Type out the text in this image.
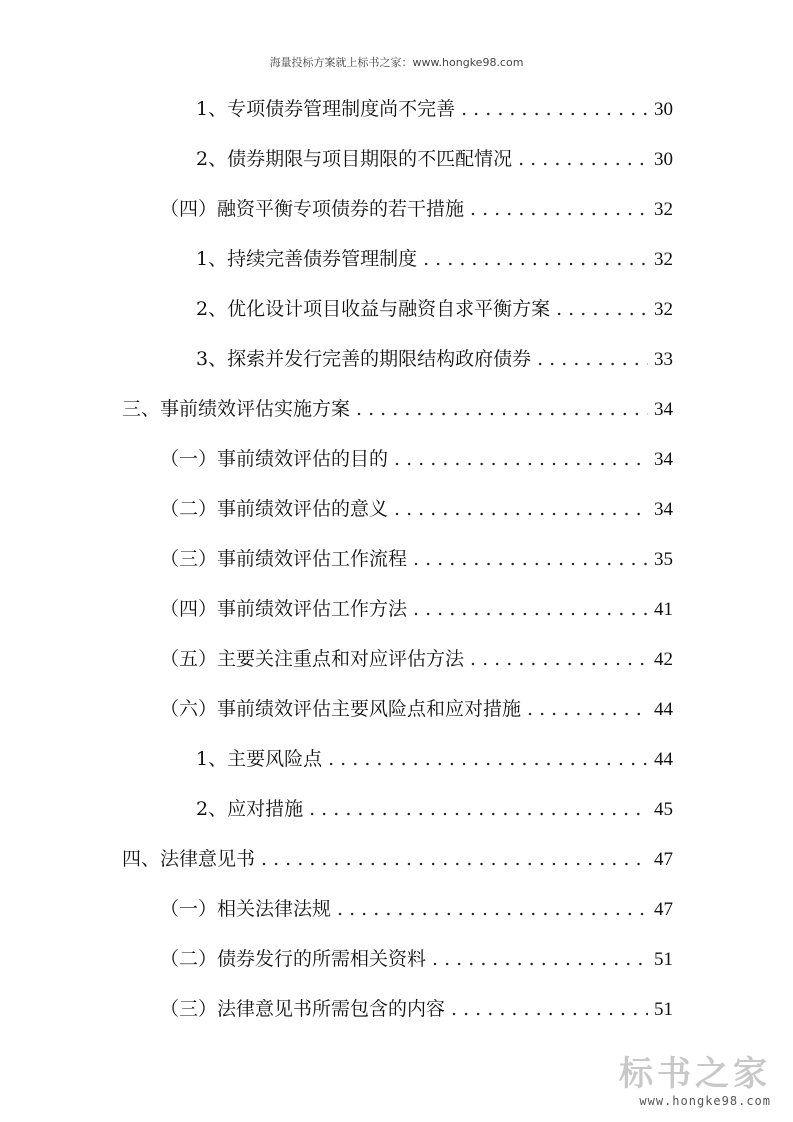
海量投标方案就上标书之家：www.hongke98.com
1、专项债券管理制度尚不完善 . . .	30
2、债券期限与项目期限的不匹配情况 . . .	30
（四）融资平衡专项债券的若干措施 . . .	32
1、持续完善债券管理制度 . . .	32
2、优化设计项目收益与融资自求平衡方案 . . .	32
3、探索并发行完善的期限结构政府债券 . . .	33
三、事前绩效评估实施方案 . . .	34
（一）事前绩效评估的目的 . . .	34
（二）事前绩效评估的意义 . . .	34
（三）事前绩效评估工作流程 . . .	35
（四）事前绩效评估工作方法 . . .	41
（五）主要关注重点和对应评估方法 . . .	42
（六）事前绩效评估主要风险点和应对措施 . . .	44
1、主要风险点 . . .	44
2、应对措施 . . .	45
四、法律意见书 . . .	47
（一）相关法律法规 . . .	47
（二）债券发行的所需相关资料 . . .	51
（三）法律意见书所需包含的内容 . . .	51
标书之家
www.hongke98.com
